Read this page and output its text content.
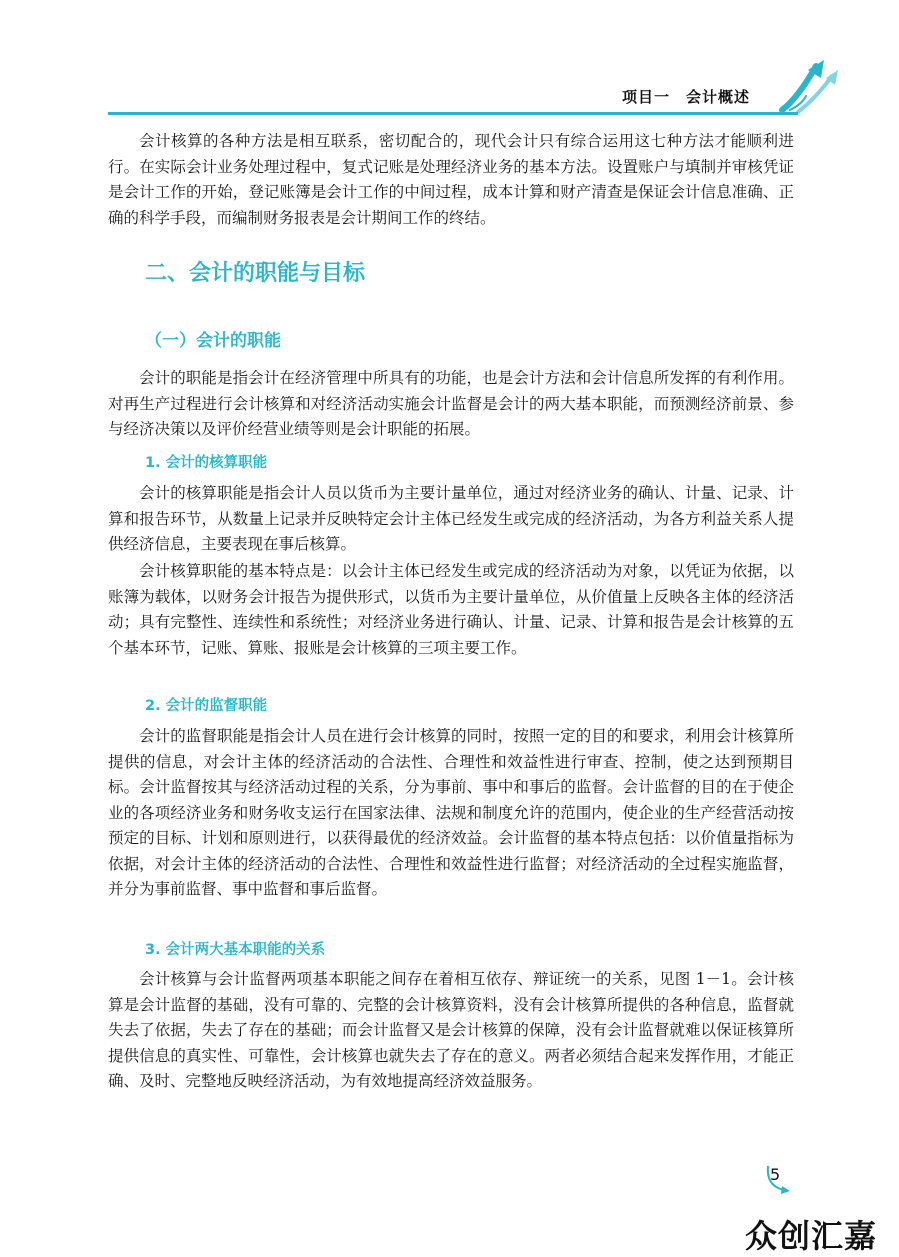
项目一　会计概述

会计核算的各种方法是相互联系，密切配合的，现代会计只有综合运用这七种方法才能顺利进行。在实际会计业务处理过程中，复式记账是处理经济业务的基本方法。设置账户与填制并审核凭证是会计工作的开始，登记账簿是会计工作的中间过程，成本计算和财产清查是保证会计信息准确、正确的科学手段，而编制财务报表是会计期间工作的终结。

二、会计的职能与目标
（一）会计的职能

会计的职能是指会计在经济管理中所具有的功能，也是会计方法和会计信息所发挥的有利作用。对再生产过程进行会计核算和对经济活动实施会计监督是会计的两大基本职能，而预测经济前景、参与经济决策以及评价经营业绩等则是会计职能的拓展。

1. 会计的核算职能

会计的核算职能是指会计人员以货币为主要计量单位，通过对经济业务的确认、计量、记录、计算和报告环节，从数量上记录并反映特定会计主体已经发生或完成的经济活动，为各方利益关系人提供经济信息，主要表现在事后核算。

会计核算职能的基本特点是：以会计主体已经发生或完成的经济活动为对象，以凭证为依据，以账簿为载体，以财务会计报告为提供形式，以货币为主要计量单位，从价值量上反映各主体的经济活动；具有完整性、连续性和系统性；对经济业务进行确认、计量、记录、计算和报告是会计核算的五个基本环节，记账、算账、报账是会计核算的三项主要工作。

2. 会计的监督职能

会计的监督职能是指会计人员在进行会计核算的同时，按照一定的目的和要求，利用会计核算所提供的信息，对会计主体的经济活动的合法性、合理性和效益性进行审查、控制，使之达到预期目标。会计监督按其与经济活动过程的关系，分为事前、事中和事后的监督。会计监督的目的在于使企业的各项经济业务和财务收支运行在国家法律、法规和制度允许的范围内，使企业的生产经营活动按预定的目标、计划和原则进行，以获得最优的经济效益。会计监督的基本特点包括：以价值量指标为依据，对会计主体的经济活动的合法性、合理性和效益性进行监督；对经济活动的全过程实施监督，并分为事前监督、事中监督和事后监督。

3. 会计两大基本职能的关系

会计核算与会计监督两项基本职能之间存在着相互依存、辩证统一的关系，见图 1－1。会计核算是会计监督的基础，没有可靠的、完整的会计核算资料，没有会计核算所提供的各种信息，监督就失去了依据，失去了存在的基础；而会计监督又是会计核算的保障，没有会计监督就难以保证核算所提供信息的真实性、可靠性，会计核算也就失去了存在的意义。两者必须结合起来发挥作用，才能正确、及时、完整地反映经济活动，为有效地提高经济效益服务。

5
众创汇嘉
